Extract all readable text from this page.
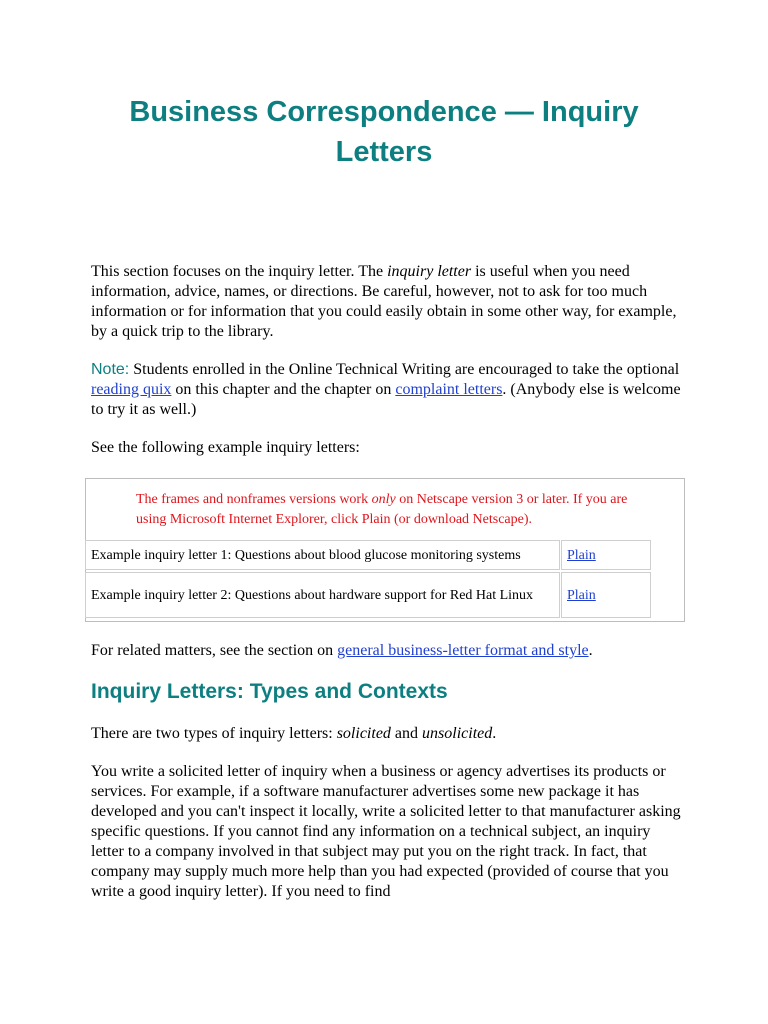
Business Correspondence — Inquiry Letters

This section focuses on the inquiry letter. The inquiry letter is useful when you need information, advice, names, or directions. Be careful, however, not to ask for too much information or for information that you could easily obtain in some other way, for example, by a quick trip to the library.

Note: Students enrolled in the Online Technical Writing are encouraged to take the optional reading quix on this chapter and the chapter on complaint letters. (Anybody else is welcome to try it as well.)

See the following example inquiry letters:

The frames and nonframes versions work only on Netscape version 3 or later. If you are using Microsoft Internet Explorer, click Plain (or download Netscape).

Example inquiry letter 1: Questions about blood glucose monitoring systems	Plain
Example inquiry letter 2: Questions about hardware support for Red Hat Linux Plain

For related matters, see the section on general business-letter format and style.

Inquiry Letters: Types and Contexts

There are two types of inquiry letters: solicited and unsolicited.

You write a solicited letter of inquiry when a business or agency advertises its products or services. For example, if a software manufacturer advertises some new package it has developed and you can't inspect it locally, write a solicited letter to that manufacturer asking specific questions. If you cannot find any information on a technical subject, an inquiry letter to a company involved in that subject may put you on the right track. In fact, that company may supply much more help than you had expected (provided of course that you write a good inquiry letter). If you need to find
